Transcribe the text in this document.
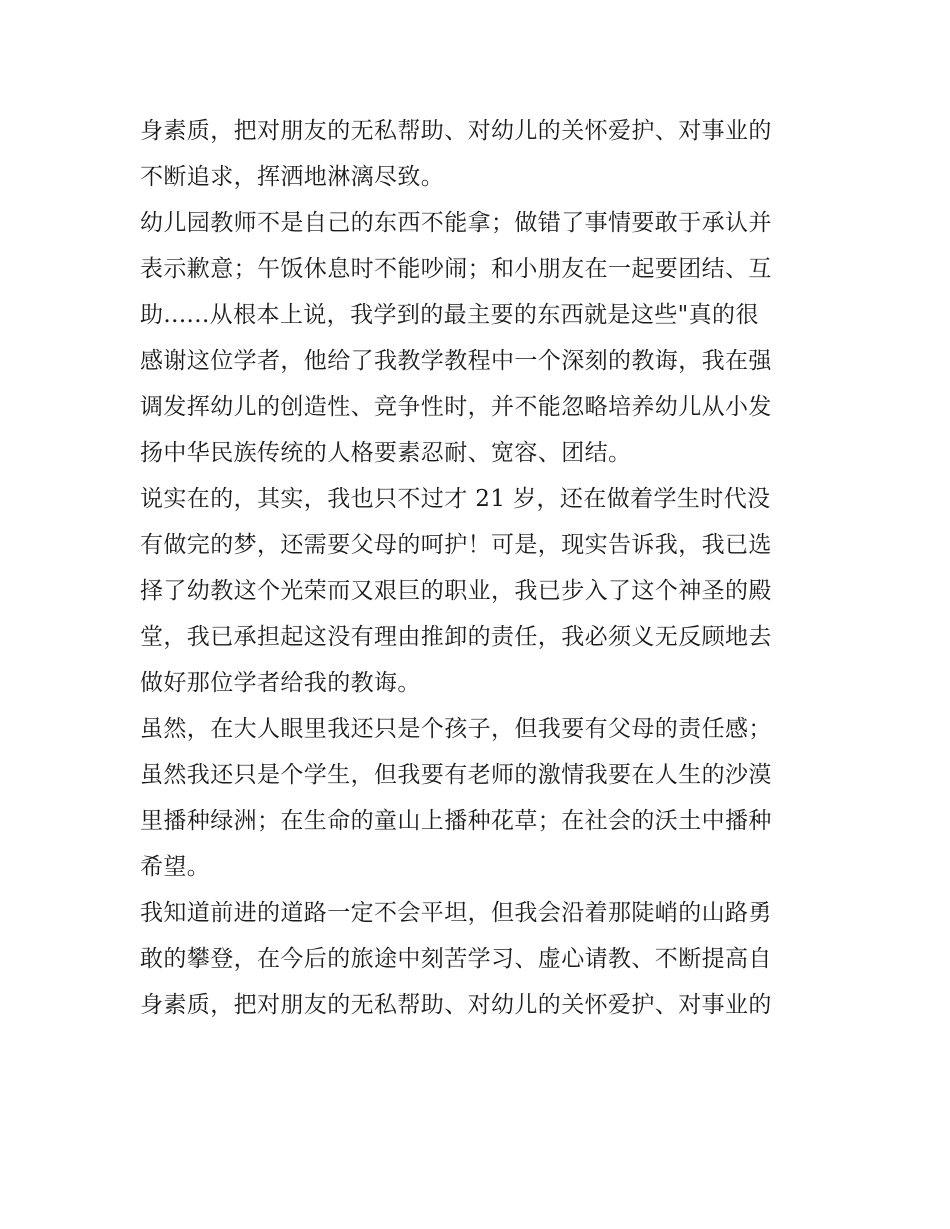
身素质，把对朋友的无私帮助、对幼儿的关怀爱护、对事业的
不断追求，挥洒地淋漓尽致。
幼儿园教师不是自己的东西不能拿；做错了事情要敢于承认并
表示歉意；午饭休息时不能吵闹；和小朋友在一起要团结、互
助......从根本上说，我学到的最主要的东西就是这些"真的很
感谢这位学者，他给了我教学教程中一个深刻的教诲，我在强
调发挥幼儿的创造性、竞争性时，并不能忽略培养幼儿从小发
扬中华民族传统的人格要素忍耐、宽容、团结。
说实在的，其实，我也只不过才 21 岁，还在做着学生时代没
有做完的梦，还需要父母的呵护！可是，现实告诉我，我已选
择了幼教这个光荣而又艰巨的职业，我已步入了这个神圣的殿
堂，我已承担起这没有理由推卸的责任，我必须义无反顾地去
做好那位学者给我的教诲。
虽然，在大人眼里我还只是个孩子，但我要有父母的责任感；
虽然我还只是个学生，但我要有老师的激情我要在人生的沙漠
里播种绿洲；在生命的童山上播种花草；在社会的沃土中播种
希望。
我知道前进的道路一定不会平坦，但我会沿着那陡峭的山路勇
敢的攀登，在今后的旅途中刻苦学习、虚心请教、不断提高自
身素质，把对朋友的无私帮助、对幼儿的关怀爱护、对事业的
